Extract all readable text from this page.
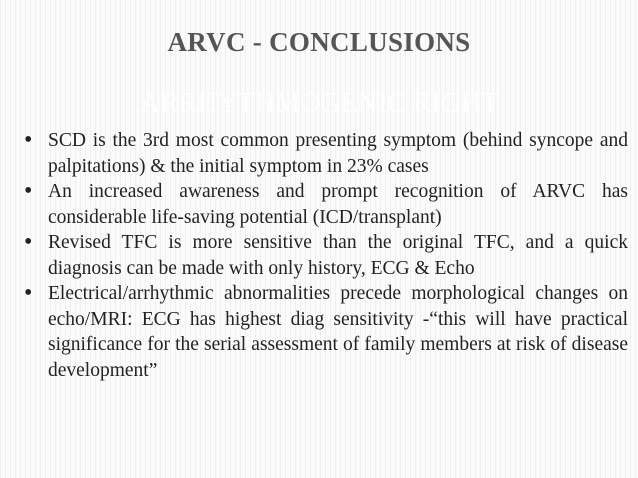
ARVC - CONCLUSIONS
ARRHYTHMOGENIC RIGHT
• SCD is the 3rd most common presenting symptom (behind syncope and palpitations) & the initial symptom in 23% cases
• An increased awareness and prompt recognition of ARVC has considerable life-saving potential (ICD/transplant)
• Revised TFC is more sensitive than the original TFC, and a quick diagnosis can be made with only history, ECG & Echo
• Electrical/arrhythmic abnormalities precede morphological changes on echo/MRI: ECG has highest diag sensitivity -“this will have practical significance for the serial assessment of family members at risk of disease development”
